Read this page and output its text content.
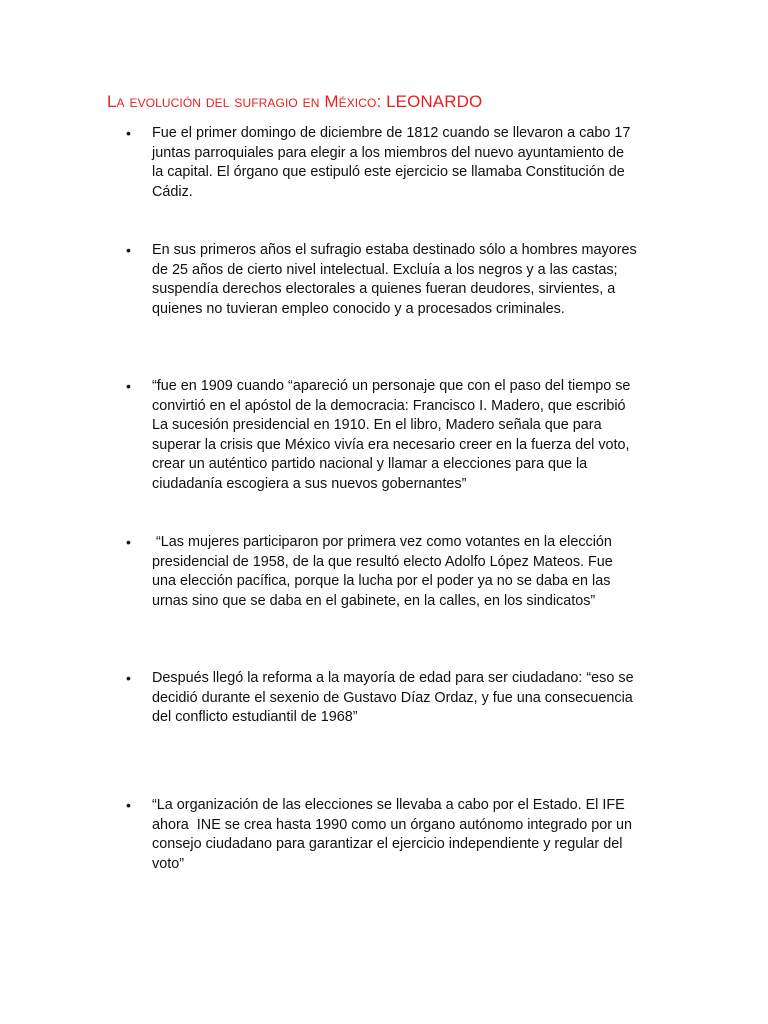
La evolución del sufragio en México: LEONARDO
• Fue el primer domingo de diciembre de 1812 cuando se llevaron a cabo 17
juntas parroquiales para elegir a los miembros del nuevo ayuntamiento de
la capital. El órgano que estipuló este ejercicio se llamaba Constitución de
Cádiz.
• En sus primeros años el sufragio estaba destinado sólo a hombres mayores
de 25 años de cierto nivel intelectual. Excluía a los negros y a las castas;
suspendía derechos electorales a quienes fueran deudores, sirvientes, a
quienes no tuvieran empleo conocido y a procesados criminales.
• “fue en 1909 cuando “apareció un personaje que con el paso del tiempo se
convirtió en el apóstol de la democracia: Francisco I. Madero, que escribió
La sucesión presidencial en 1910. En el libro, Madero señala que para
superar la crisis que México vivía era necesario creer en la fuerza del voto,
crear un auténtico partido nacional y llamar a elecciones para que la
ciudadanía escogiera a sus nuevos gobernantes”
• “Las mujeres participaron por primera vez como votantes en la elección
presidencial de 1958, de la que resultó electo Adolfo López Mateos. Fue
una elección pacífica, porque la lucha por el poder ya no se daba en las
urnas sino que se daba en el gabinete, en la calles, en los sindicatos”
• Después llegó la reforma a la mayoría de edad para ser ciudadano: “eso se
decidió durante el sexenio de Gustavo Díaz Ordaz, y fue una consecuencia
del conflicto estudiantil de 1968”
• “La organización de las elecciones se llevaba a cabo por el Estado. El IFE
ahora  INE se crea hasta 1990 como un órgano autónomo integrado por un
consejo ciudadano para garantizar el ejercicio independiente y regular del
voto”
